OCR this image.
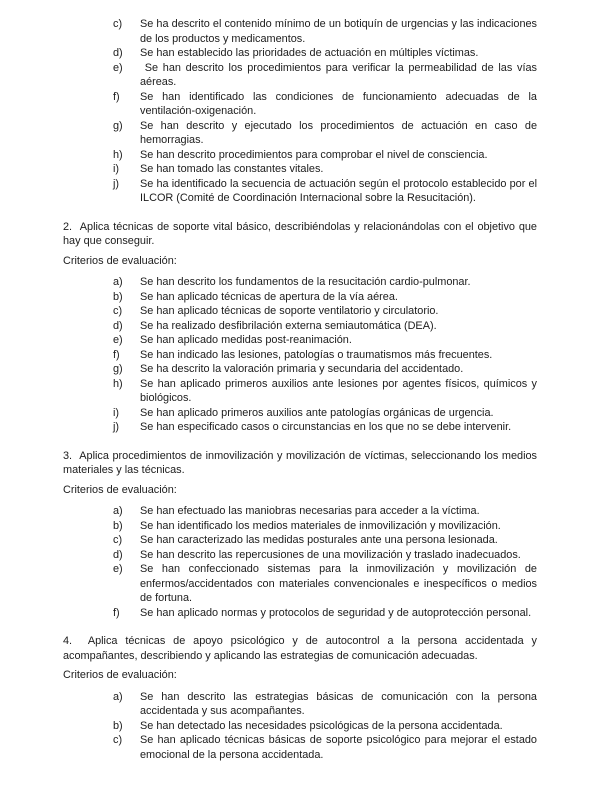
c) Se ha descrito el contenido mínimo de un botiquín de urgencias y las indicaciones de los productos y medicamentos.
d) Se han establecido las prioridades de actuación en múltiples víctimas.
e) Se han descrito los procedimientos para verificar la permeabilidad de las vías aéreas.
f) Se han identificado las condiciones de funcionamiento adecuadas de la ventilación-oxigenación.
g) Se han descrito y ejecutado los procedimientos de actuación en caso de hemorragias.
h) Se han descrito procedimientos para comprobar el nivel de consciencia.
i) Se han tomado las constantes vitales.
j) Se ha identificado la secuencia de actuación según el protocolo establecido por el ILCOR (Comité de Coordinación Internacional sobre la Resucitación).

2.  Aplica técnicas de soporte vital básico, describiéndolas y relacionándolas con el objetivo que hay que conseguir.

Criterios de evaluación:

a) Se han descrito los fundamentos de la resucitación cardio-pulmonar.
b) Se han aplicado técnicas de apertura de la vía aérea.
c) Se han aplicado técnicas de soporte ventilatorio y circulatorio.
d) Se ha realizado desfibrilación externa semiautomática (DEA).
e) Se han aplicado medidas post-reanimación.
f) Se han indicado las lesiones, patologías o traumatismos más frecuentes.
g) Se ha descrito la valoración primaria y secundaria del accidentado.
h) Se han aplicado primeros auxilios ante lesiones por agentes físicos, químicos y biológicos.
i) Se han aplicado primeros auxilios ante patologías orgánicas de urgencia.
j) Se han especificado casos o circunstancias en los que no se debe intervenir.

3.  Aplica procedimientos de inmovilización y movilización de víctimas, seleccionando los medios materiales y las técnicas.

Criterios de evaluación:

a) Se han efectuado las maniobras necesarias para acceder a la víctima.
b) Se han identificado los medios materiales de inmovilización y movilización.
c) Se han caracterizado las medidas posturales ante una persona lesionada.
d) Se han descrito las repercusiones de una movilización y traslado inadecuados.
e) Se han confeccionado sistemas para la inmovilización y movilización de enfermos/accidentados con materiales convencionales e inespecíficos o medios de fortuna.
f) Se han aplicado normas y protocolos de seguridad y de autoprotección personal.

4.  Aplica técnicas de apoyo psicológico y de autocontrol a la persona accidentada y acompañantes, describiendo y aplicando las estrategias de comunicación adecuadas.

Criterios de evaluación:

a) Se han descrito las estrategias básicas de comunicación con la persona accidentada y sus acompañantes.
b) Se han detectado las necesidades psicológicas de la persona accidentada.
c) Se han aplicado técnicas básicas de soporte psicológico para mejorar el estado emocional de la persona accidentada.
